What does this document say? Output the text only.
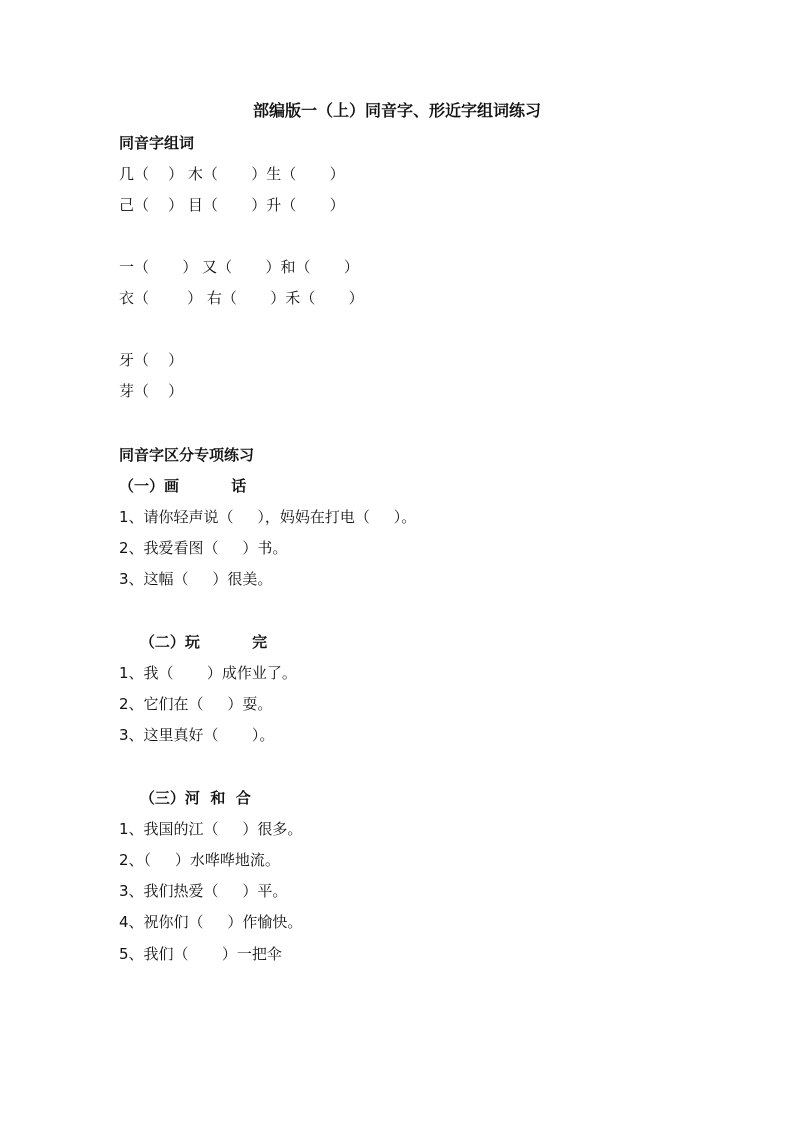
部编版一（上）同音字、形近字组词练习
同音字组词
几（    ） 木（       ）生（       ）
己（    ） 目（       ）升（       ）
一（       ） 又（       ）和（       ）
衣（        ） 右（       ）禾（       ）
牙（    ）
芽（    ）
同音字区分专项练习
（一）画          话
1、请你轻声说（     ），妈妈在打电（     ）。
2、我爱看图（     ）书。
3、这幅（     ）很美。
（二）玩          完
1、我（       ）成作业了。
2、它们在（     ）耍。
3、这里真好（       ）。
（三）河  和  合
1、我国的江（     ）很多。
2、（     ）水哗哗地流。
3、我们热爱（     ）平。
4、祝你们（     ）作愉快。
5、我们（       ）一把伞
